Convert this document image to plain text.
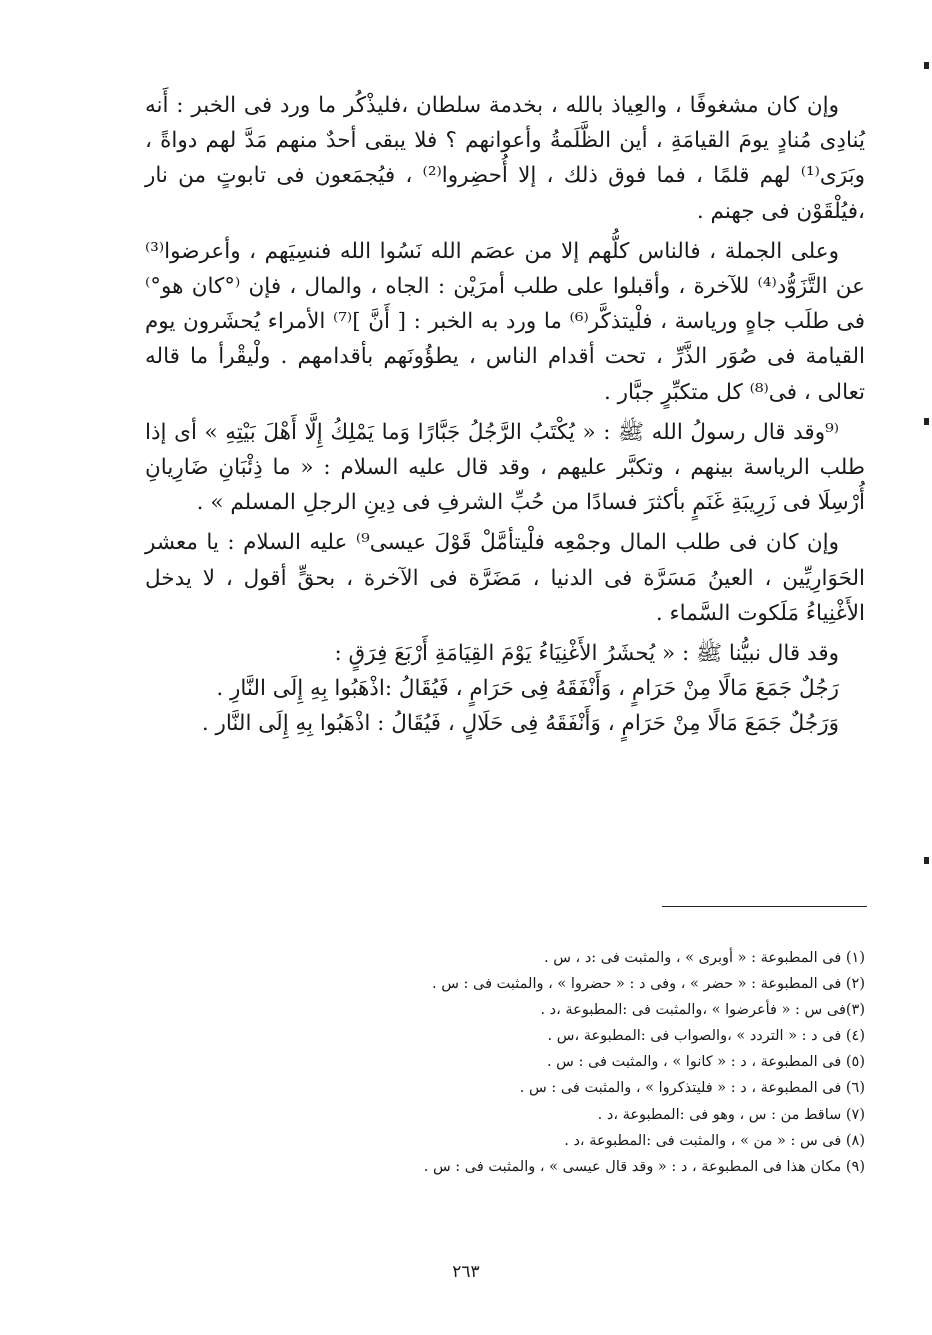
وإن كان مشغوفًا ، والعِياذ بالله ، بخدمة سلطان ،فليذْكُر ما ورد فى الخبر : أَنه يُنادِى مُنادٍ يومَ القيامَةِ ، أين الظَّلَمةُ وأعوانهم ؟ فلا يبقى أحدٌ منهم مَدَّ لهم دواةً ، وبَرَى⁽¹⁾ لهم قلمًا ، فما فوق ذلك ، إلا أُحضِروا⁽²⁾ ، فيُجمَعون فى تابوتٍ من نار ،فيُلْقَوْن فى جهنم .

وعلى الجملة ، فالناس كلُّهم إلا من عصَم الله نَسُوا الله فنسِيَهم ، وأعرضوا⁽³⁾ عن التَّزَوُّد⁽⁴⁾ للآخرة ، وأقبلوا على طلب أمرَيْن : الجاه ، والمال ، فإن ⁽°كان هو°⁾ فى طلَب جاهٍ ورياسة ، فلْيتذكَّر⁽⁶⁾ ما ورد به الخبر : [ أَنَّ ]⁽⁷⁾ الأمراء يُحشَرون يوم القيامة فى صُوَر الذَّرِّ ، تحت أقدام الناس ، يطؤُونَهم بأقدامهم . ولْيقْرأ ما قاله تعالى ، فى⁽⁸⁾ كل متكبِّرٍ جبَّار .

⁽⁹وقد قال رسولُ الله ﷺ : « يُكْتَبُ الرَّجُلُ جَبَّارًا وَما يَمْلِكُ إِلَّا أَهْلَ بَيْتِهِ » أى إذا طلب الرياسة بينهم ، وتكبَّر عليهم ، وقد قال عليه السلام : « ما ذِئْبَانِ ضَارِيانِ أُرْسِلَا فى زَرِيبَةِ غَنَمٍ بأكثرَ فسادًا من حُبِّ الشرفِ فى دِينِ الرجلِ المسلم » .

وإن كان فى طلب المال وجمْعِه فلْيتأمَّلْ قَوْلَ عيسى⁹⁾ عليه السلام : يا معشر الحَوَارِيِّين ، العينُ مَسَرَّة فى الدنيا ، مَضَرَّة فى الآخرة ، بحقٍّ أقول ، لا يدخل الأَغْنِياءُ مَلَكوت السَّماء .

وقد قال نبيُّنا ﷺ : « يُحشَرُ الأَغْنِيَاءُ يَوْمَ القِيَامَةِ أَرْبَعَ فِرَقٍ :

رَجُلٌ جَمَعَ مَالًا مِنْ حَرَامٍ ، وَأَنْفَقَهُ فِى حَرَامٍ ، فَيُقَالُ :اذْهَبُوا بِهِ إِلَى النَّارِ .

وَرَجُلٌ جَمَعَ مَالًا مِنْ حَرَامٍ ، وَأَنْفَقَهُ فِى حَلَالٍ ، فَيُقَالُ : اذْهَبُوا بِهِ إِلَى النَّار .

(١) فى المطبوعة : « أوبرى » ، والمثبت فى :د ، س .

(٢) فى المطبوعة : « حضر » ، وفى د : « حضروا » ، والمثبت فى : س .

(٣)فى س : « فأعرضوا » ،والمثبت فى :المطبوعة ،د .

(٤) فى د : « التردد » ،والصواب فى :المطبوعة ،س .

(٥) فى المطبوعة ، د : « كانوا » ، والمثبت فى : س .

(٦) فى المطبوعة ، د : « فليتذكروا » ، والمثبت فى : س .

(٧) ساقط من : س ، وهو فى :المطبوعة ،د .

(٨) فى س : « من » ، والمثبت فى :المطبوعة ،د .

(٩) مكان هذا فى المطبوعة ، د : « وقد قال عيسى » ، والمثبت فى : س .

٢٦٣
